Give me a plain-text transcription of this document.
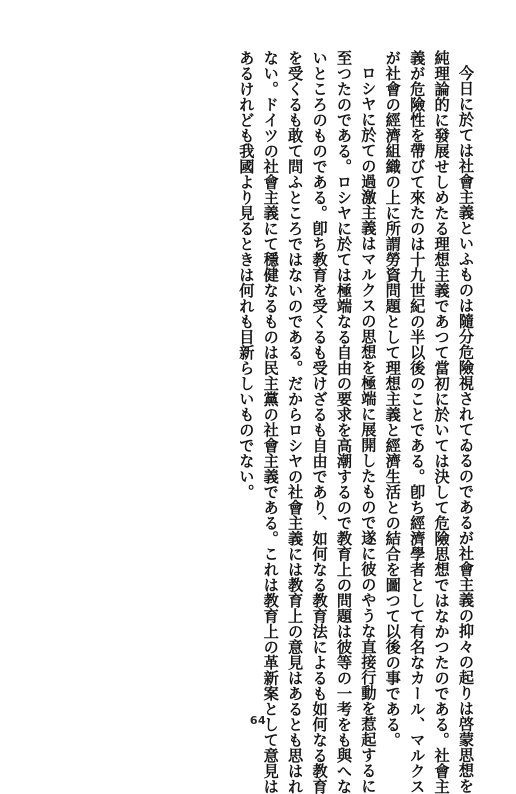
今日に於ては社會主義といふものは隨分危險視されてゐるのであるが社會主義の抑々の起りは啓蒙思想を
純理論的に發展せしめたる理想主義であつて當初に於いては決して危險思想ではなかつたのである。社會主
義が危險性を帶びて來たのは十九世紀の半以後のことである。卽ち經濟學者として有名なカール、マルクス
が社會の經濟組織の上に所謂勞資問題として理想主義と經濟生活との結合を圖つて以後の事である。
ロシヤに於ての過激主義はマルクスの思想を極端に展開したもので遂に彼のやうな直接行動を惹起するに
至つたのである。ロシヤに於ては極端なる自由の要求を高潮するので教育上の問題は彼等の一考をも與へな
いところのものである。卽ち教育を受くるも受けざるも自由であり、如何なる教育法によるも如何なる教育
を受くるも敢て問ふところではないのである。だからロシヤの社會主義には教育上の意見はあるとも思はれ
ない。ドイツの社會主義にて穩健なるものは民主黨の社會主義である。これは教育上の革新案として意見は
あるけれども我國より見るときは何れも目新らしいものでない。
64
